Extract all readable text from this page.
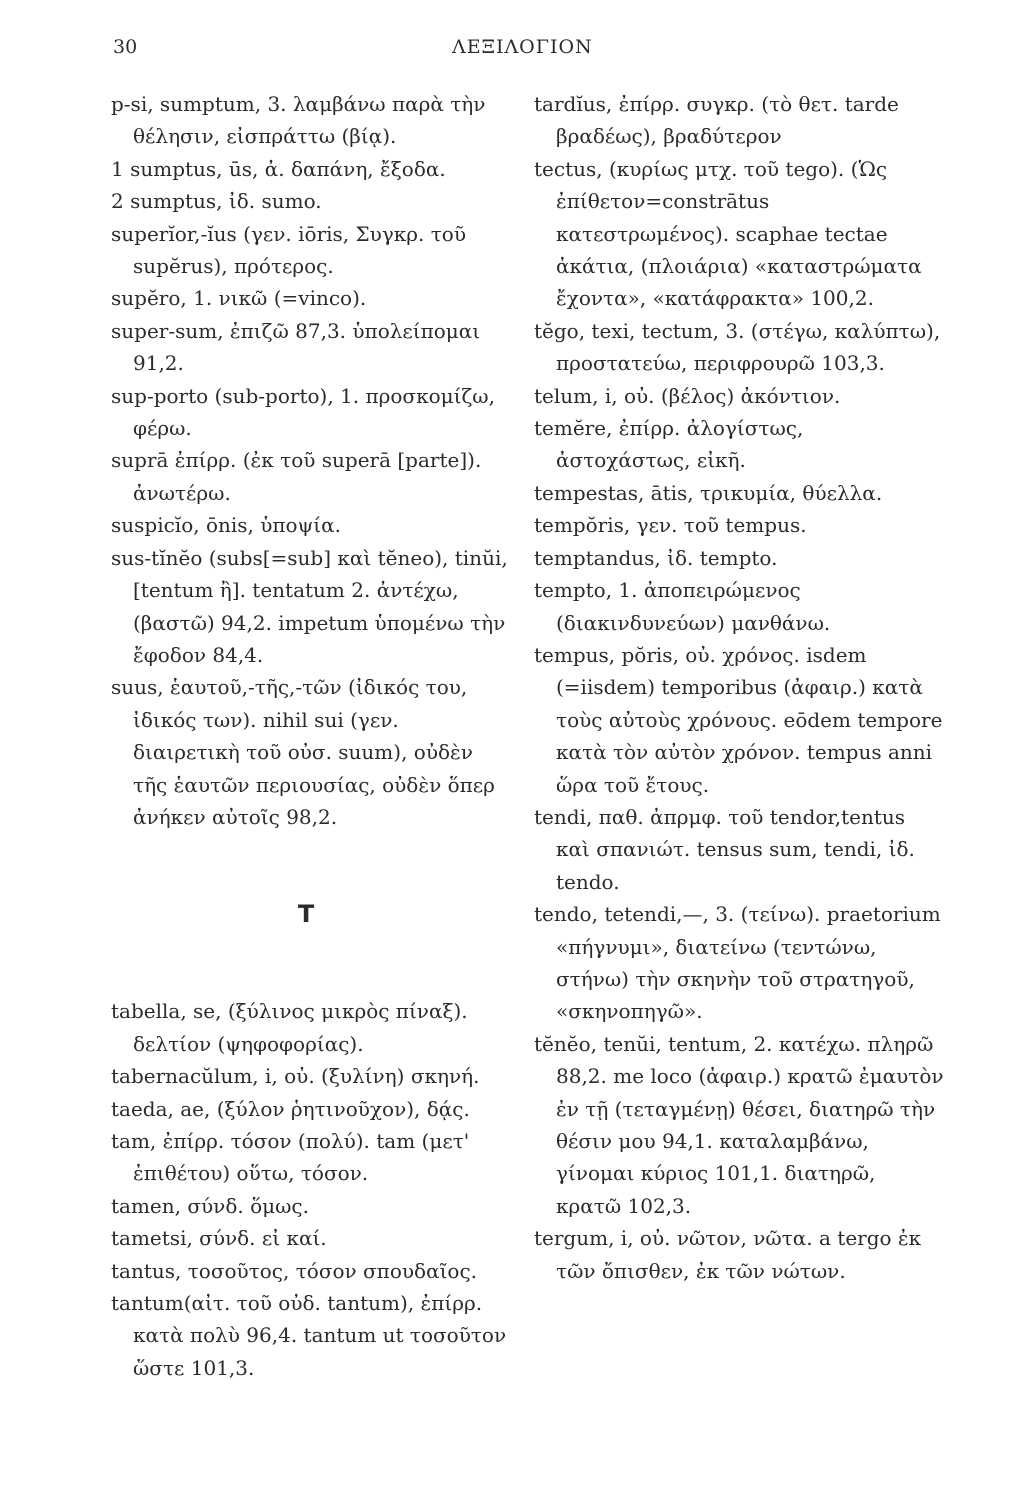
30	ΛΕΞΙΛΟΓΙΟΝ

p-si, sumptum, 3. λαμβάνω παρὰ τὴν θέλησιν, εἰσπράττω (βίᾳ).

1 sumptus, ūs, ἀ. δαπάνη, ἔξοδα.

2 sumptus, ἰδ. sumo.

superĭor,-ĭus (γεν. iōris, Συγκρ. τοῦ supĕrus), πρότερος.

supĕro, 1. νικῶ (=vinco).

super-sum, ἐπιζῶ 87,3. ὑπολείπομαι 91,2.

sup-porto (sub-porto), 1. προσκομίζω, φέρω.

suprā ἐπίρρ. (ἐκ τοῦ superā [parte]). ἀνωτέρω.

suspicĭo, ōnis, ὑποψία.

sus-tĭnĕo (subs[=sub] καὶ tĕneo), tinŭi, [tentum ἢ]. tentatum 2. ἀντέχω, (βαστῶ) 94,2. impetum ὑπομένω τὴν ἔφοδον 84,4.

suus, ἑαυτοῦ,-τῆς,-τῶν (ἰδικός του, ἰδικός των). nihil sui (γεν. διαιρετικὴ τοῦ οὐσ. suum), οὐδὲν τῆς ἑαυτῶν περιουσίας, οὐδὲν ὅπερ ἀνήκεν αὐτοῖς 98,2.

T

tabella, se, (ξύλινος μικρὸς πίναξ). δελτίον (ψηφοφορίας).

tabernacŭlum, i, οὐ. (ξυλίνη) σκηνή.

taeda, ae, (ξύλον ῥητινοῦχον), δᾴς.

tam, ἐπίρρ. τόσον (πολύ). tam (μετ' ἐπιθέτου) οὕτω, τόσον.

tamen, σύνδ. ὅμως.

tametsi, σύνδ. εἰ καί.

tantus, τοσοῦτος, τόσον σπουδαῖος.

tantum(αἰτ. τοῦ οὐδ. tantum), ἐπίρρ. κατὰ πολὺ 96,4. tantum ut τοσοῦτον ὥστε 101,3.

tardĭus, ἐπίρρ. συγκρ. (τὸ θετ. tarde βραδέως), βραδύτερον

tectus, (κυρίως μτχ. τοῦ tego). (Ὡς ἐπίθετον=constrātus κατεστρωμένος). scaphae tectae ἀκάτια, (πλοιάρια) «καταστρώματα ἔχοντα», «κατάφρακτα» 100,2.

tĕgo, texi, tectum, 3. (στέγω, καλύπτω), προστατεύω, περιφρουρῶ 103,3.

telum, i, οὐ. (βέλος) ἀκόντιον.

temĕre, ἐπίρρ. ἀλογίστως, ἀστοχάστως, εἰκῆ.

tempestas, ātis, τρικυμία, θύελλα.

tempŏris, γεν. τοῦ tempus.

temptandus, ἰδ. tempto.

tempto, 1. ἀποπειρώμενος (διακινδυνεύων) μανθάνω.

tempus, pŏris, οὐ. χρόνος. isdem (=iisdem) temporibus (ἀφαιρ.) κατὰ τοὺς αὐτοὺς χρόνους. eōdem tempore κατὰ τὸν αὐτὸν χρόνον. tempus anni ὥρα τοῦ ἔτους.

tendi, παθ. ἀπρμφ. τοῦ tendor,tentus καὶ σπανιώτ. tensus sum, tendi, ἰδ. tendo.

tendo, tetendi,—, 3. (τείνω). praetorium «πήγνυμι», διατείνω (τεντώνω, στήνω) τὴν σκηνὴν τοῦ στρατηγοῦ, «σκηνοπηγῶ».

tĕnĕo, tenŭi, tentum, 2. κατέχω. πληρῶ 88,2. me loco (ἀφαιρ.) κρατῶ ἐμαυτὸν ἐν τῇ (τεταγμένῃ) θέσει, διατηρῶ τὴν θέσιν μου 94,1. καταλαμβάνω, γίνομαι κύριος 101,1. διατηρῶ, κρατῶ 102,3.

tergum, i, οὐ. νῶτον, νῶτα. a tergo ἐκ τῶν ὄπισθεν, ἐκ τῶν νώτων.
